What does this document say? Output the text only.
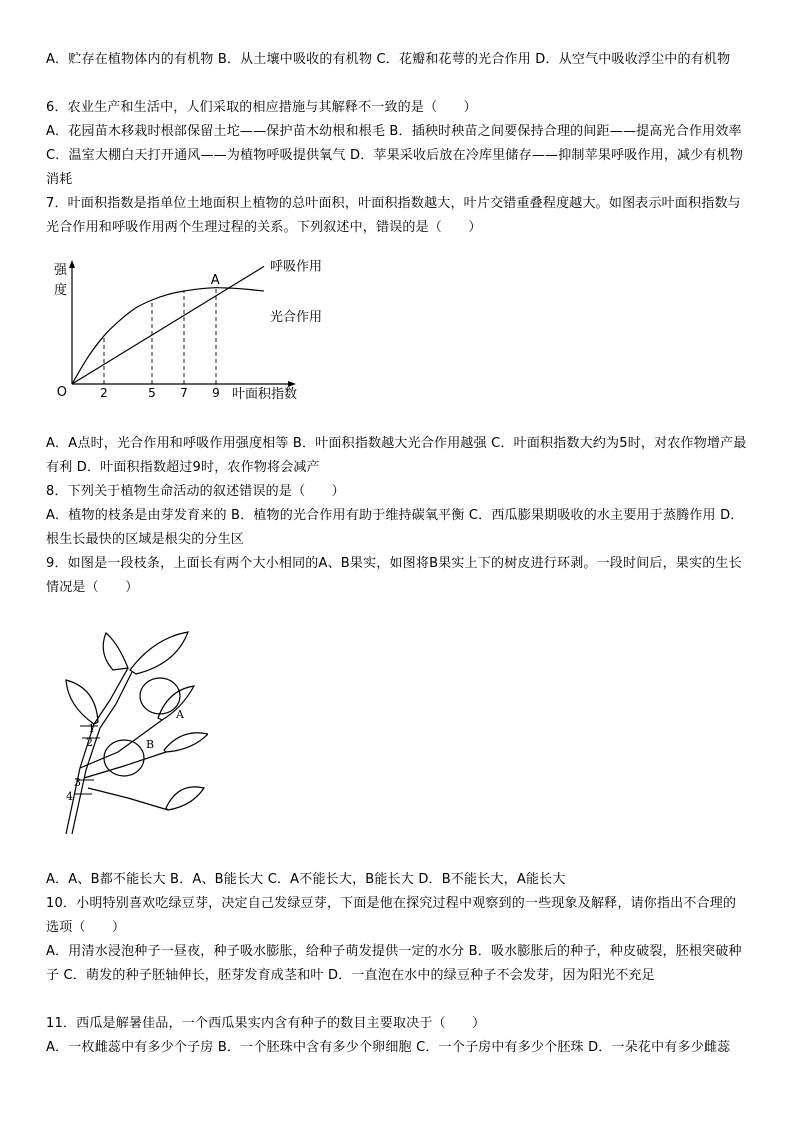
A．贮存在植物体内的有机物 B．从土壤中吸收的有机物 C．花瓣和花萼的光合作用 D．从空气中吸收浮尘中的有机物

6．农业生产和生活中，人们采取的相应措施与其解释不一致的是（　　）

A．花园苗木移栽时根部保留土坨——保护苗木幼根和根毛 B．插秧时秧苗之间要保持合理的间距——提高光合作用效率 C．温室大棚白天打开通风——为植物呼吸提供氧气 D．苹果采收后放在冷库里储存——抑制苹果呼吸作用，减少有机物消耗

7．叶面积指数是指单位土地面积上植物的总叶面积，叶面积指数越大，叶片交错重叠程度越大。如图表示叶面积指数与光合作用和呼吸作用两个生理过程的关系。下列叙述中，错误的是（　　）

强
度
O	叶面积指数
2	5 7 9
呼吸作用
光合作用
A

A．A点时，光合作用和呼吸作用强度相等 B．叶面积指数越大光合作用越强 C．叶面积指数大约为5时，对农作物增产最有利 D．叶面积指数超过9时，农作物将会减产

8．下列关于植物生命活动的叙述错误的是（　　）

A．植物的枝条是由芽发育来的 B．植物的光合作用有助于维持碳氧平衡 C．西瓜膨果期吸收的水主要用于蒸腾作用 D．根生长最快的区域是根尖的分生区

9．如图是一段枝条，上面长有两个大小相同的A、B果实，如图将B果实上下的树皮进行环剥。一段时间后，果实的生长情况是（　　）

A
B
1
2
3
4

A．A、B都不能长大 B．A、B能长大 C．A不能长大，B能长大 D．B不能长大，A能长大

10．小明特别喜欢吃绿豆芽，决定自己发绿豆芽，下面是他在探究过程中观察到的一些现象及解释，请你指出不合理的选项（　　）

A．用清水浸泡种子一昼夜，种子吸水膨胀，给种子萌发提供一定的水分 B．吸水膨胀后的种子，种皮破裂，胚根突破种子 C．萌发的种子胚轴伸长，胚芽发育成茎和叶 D．一直泡在水中的绿豆种子不会发芽，因为阳光不充足

11．西瓜是解暑佳品，一个西瓜果实内含有种子的数目主要取决于（　　）

A．一枚雌蕊中有多少个子房 B．一个胚珠中含有多少个卵细胞 C．一个子房中有多少个胚珠 D．一朵花中有多少雌蕊
